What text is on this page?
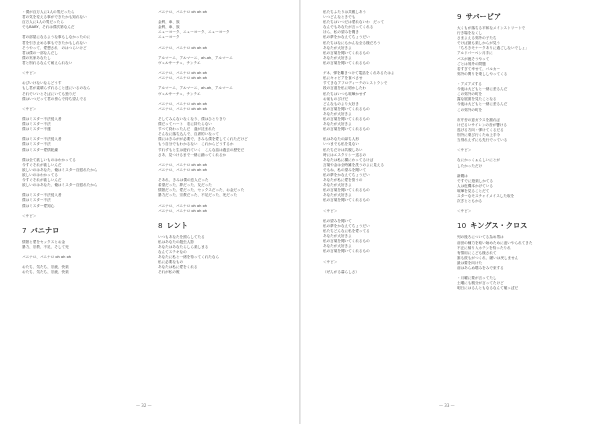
・僕が百万人に1人の男だったら
君の気を変える事ができたかも知れない
百万人に1人の男だったら
でもBABY、それは僕次第なんだ
君の部屋になるような事もしなかったのに
君を引き止める事もできたかもしれない
そうやって、愛想され　のはつらいけど
君は僕の一部なんだし
僕の実家あなたし
君と別れるなんて耐えられない
＜サビ＞
おびいけないならどうす
もし君が素晴らずれること達にいるのなら
それでいいとそばにいても独りだ
僕はいつだって君の傍らで待ち望んでる
＜サビ＞
僕はミスター不法侵入者
僕はミスター不法
僕はミスター不運
僕はミスター不法侵入者
僕はミスター不法
僕はミスター愛情乾燥
僕は全て欲しいものはわかってる
今すぐそれが欲しいんだ
欲しいのはあなた、俺はミスター自慰れたから
欲しいのはわかってる
今すぐそれが欲しいんだ
欲しいのはあなた、俺はミスター自慰れたから
僕はミスター不法侵入者
僕はミスター不法
僕はミスター愛知心
＜サビ＞
7 バニナロ
情熱と愛をセックスとお金
暴力、宗教、不足、そして死
バニナロ、バニナロ oh oh oh
おたち、気たち、宗統、快楽
おたち、気たち、宗統、快楽
バニナロ、バニナロ oh oh oh
金利、車、族
金利、車、族
ニューヨーク、ニューヨーク、ニューヨーク
ニューヨーク
バニナロ、バニナロ oh oh oh
アルマーニ、アルマーニ、ah-ah、アルマーニ
ヴェルサーチェ、チンテエ
バニナロ、バニナロ oh oh oh
バニナロ、バニナロ oh oh oh
アルマーニ、アルマーニ、ah-ah、アルマーニ
ヴェルサーチェ、チンテエ
バニナロ、バニナロ oh oh oh
バニナロ、バニナロ oh oh oh
そしてみんないなくなり、僕はひとりきり
僕だってハート　変に持たらない
すべて終わったんだ　違が沈まれた
そんなに落ち込んで、自虐的いなって
僕にはきみがが必要で、きみも僕を愛してくれただけど
もう自分でもわかるない　これからどうするか
すれずもと生は遊れていく　こんな話は過去の歴史だ
さあ、見つけるまで一緒に踊ってくれるか
バニナロ、バニナロ oh oh oh
バニナロ、バニナロ oh oh oh
そあれ、きみは僕の恋人だった
希望だった、夢だった、友だった
情熱だった、愛だった、セックスだった、お金だった
暴力だった、宗教だった、不足だった、死だった
バニナロ、バニナロ oh oh oh
バニナロ、バニナロ oh oh oh
8 レント
いつもあなたを照らしてたる
私はあなたの殺虫人影
あなたはあなたらしら楽しまる
なんてステキなの
あなたに私と一緒を待ってくれたなら
私に必要なもの
あなたは私に愛をくれる
それが私の報
— 32 —
私たちふたりは共親しあう
いつどんなときでも
私たちはいつだは愛れないわ　だって
なんでもあなたが言ってくれる
ほら、私の望みを聞き
私の夢をかなえてちょうだい
私たちはなにもかんな全る様だろう
あなたが大好きよ
私の言葉を聞いてくれるもの
あなたが大好きよ
私の言葉を聞いてくれるもの
ゲネ、弾を離きつけて電話をくれあるたはよ
私にキャビアを食べさせ
すてきなアフロディーテのレストランで
段の言道を私に明かしたわ
私たちはいつも喧嘩かせず
お前ものびげだ
どんなものより大好き
私の言葉を聞いてくれるもの
あなたが大好きよ
私の言葉を聞いてくれるもの
あなたが大好きよ
私の言葉を聞いてくれるもの
私はあなたの緑ち人形
いつまでも私を見ない
私たちだけは共親しあい
時にはエスクリシー送るの
あなたは私に構にわってるけば
言葉や金は全時雑を洗うのよに見える
でもね、私の望みを聞いて
私の夢をかなえてちょうだい
あなたが私に愛を誓うの
あなたが大好きよ
私の言葉を聞いてくれるもの
あなたが大好きよ
私の言葉を聞いてくれるもの
＜サビ＞
私の望みを聞いて
私の夢をかなえてちょうだい
私たちどんなに私を愛ってる
あなたが大好きよ
私の言葉を聞いてくれるもの
あなたが大好きよ
私の言葉を聞いてくれるもの
＜サビ＞
（ぜんがる暮らしさ）
9 サバービア
大くもが落ちる平和なメインストリートで
行き場をなくし
さまよえる郊外の子たち
でけば最も楽しからが見う
「ちろきモナークありに過ごしないでしょ」
アルドパーペン月手に
パスが疲そうやって
ごとは郊外の問題
若すぎて幸せて、パルカー
郊外の関りを乗ししやってくる
・アズアズする
今夜は大どもと一緒に差るんだ
この郊外の町を
露な展面を見たことなる
今夜は大どもと一緒に差るんだ
この郊外の町を
市庁舎の窓ガラスを割れば
けだるいサイレンの音が響ける
逃げる方向・弾けてくるだる
別外に乗び行くため上手今
当別れえずにも先行でっている
＜サビ＞
なにかっくぁんしいにとが
したかっただけ
新聞は
ですでに遊楽しかてる
人は危機本かげている
喧嘩を見ることだて
スターなモスチャイメイスした取を
次ぎとともかる
＜サビ＞
10 キングス・クロス
列の後ろについてる為め男は
前世の種力を取い始めために追いやられてきた
不正に帰り入ホテンを待ったりれ
有情用にこども様されて
誰も彼もがつくれ、願いは戻しません
最は要を向けた
前はあらぬ嗜みをみで来する
・月曜に要が言ってたし
土曜にも親分が言ってたけど
明日にはるんともなるなんて嘘っぽだ
— 33 —
